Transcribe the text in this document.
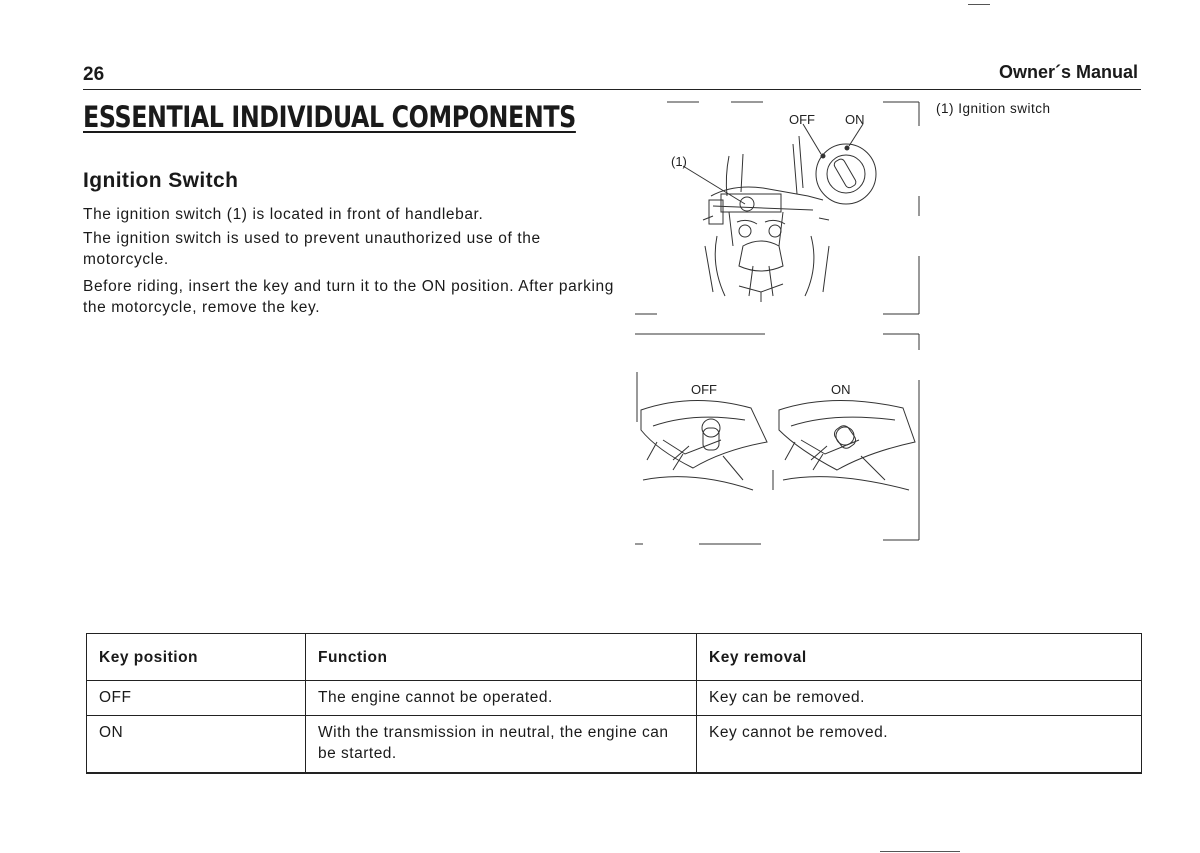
26	Owner´s Manual
ESSENTIAL INDIVIDUAL COMPONENTS
Ignition Switch
The ignition switch (1) is located in front of handlebar.
The ignition switch is used to prevent unauthorized use of the motorcycle.
Before riding, insert the key and turn it to the ON position. After parking the motorcycle, remove the key.
(1) Ignition switch
(1)
OFF ON
OFF	ON
Key position	Function	Key removal
OFF	The engine cannot be operated.	Key can be removed.
ON	With the transmission in neutral, the engine can be started.	Key cannot be removed.
